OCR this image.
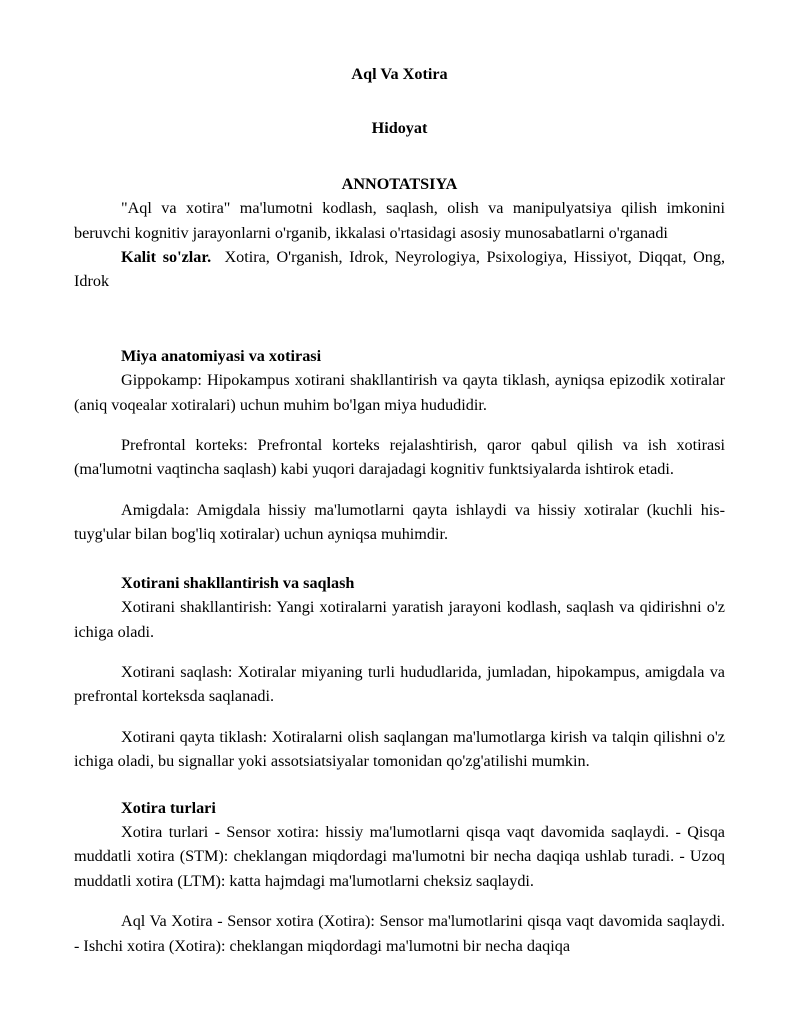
Aql Va Xotira
Hidoyat
ANNOTATSIYA

"Aql va xotira" ma'lumotni kodlash, saqlash, olish va manipulyatsiya qilish imkonini beruvchi kognitiv jarayonlarni o'rganib, ikkalasi o'rtasidagi asosiy munosabatlarni o'rganadi

Kalit so'zlar. Xotira, O'rganish, Idrok, Neyrologiya, Psixologiya, Hissiyot, Diqqat, Ong, Idrok

Miya anatomiyasi va xotirasi

Gippokamp: Hipokampus xotirani shakllantirish va qayta tiklash, ayniqsa epizodik xotiralar (aniq voqealar xotiralari) uchun muhim bo'lgan miya hududidir.

Prefrontal korteks: Prefrontal korteks rejalashtirish, qaror qabul qilish va ish xotirasi (ma'lumotni vaqtincha saqlash) kabi yuqori darajadagi kognitiv funktsiyalarda ishtirok etadi.

Amigdala: Amigdala hissiy ma'lumotlarni qayta ishlaydi va hissiy xotiralar (kuchli his-tuyg'ular bilan bog'liq xotiralar) uchun ayniqsa muhimdir.

Xotirani shakllantirish va saqlash

Xotirani shakllantirish: Yangi xotiralarni yaratish jarayoni kodlash, saqlash va qidirishni o'z ichiga oladi.

Xotirani saqlash: Xotiralar miyaning turli hududlarida, jumladan, hipokampus, amigdala va prefrontal korteksda saqlanadi.

Xotirani qayta tiklash: Xotiralarni olish saqlangan ma'lumotlarga kirish va talqin qilishni o'z ichiga oladi, bu signallar yoki assotsiatsiyalar tomonidan qo'zg'atilishi mumkin.

Xotira turlari

Xotira turlari - Sensor xotira: hissiy ma'lumotlarni qisqa vaqt davomida saqlaydi. - Qisqa muddatli xotira (STM): cheklangan miqdordagi ma'lumotni bir necha daqiqa ushlab turadi. - Uzoq muddatli xotira (LTM): katta hajmdagi ma'lumotlarni cheksiz saqlaydi.

Aql Va Xotira - Sensor xotira (Xotira): Sensor ma'lumotlarini qisqa vaqt davomida saqlaydi. - Ishchi xotira (Xotira): cheklangan miqdordagi ma'lumotni bir necha daqiqa
